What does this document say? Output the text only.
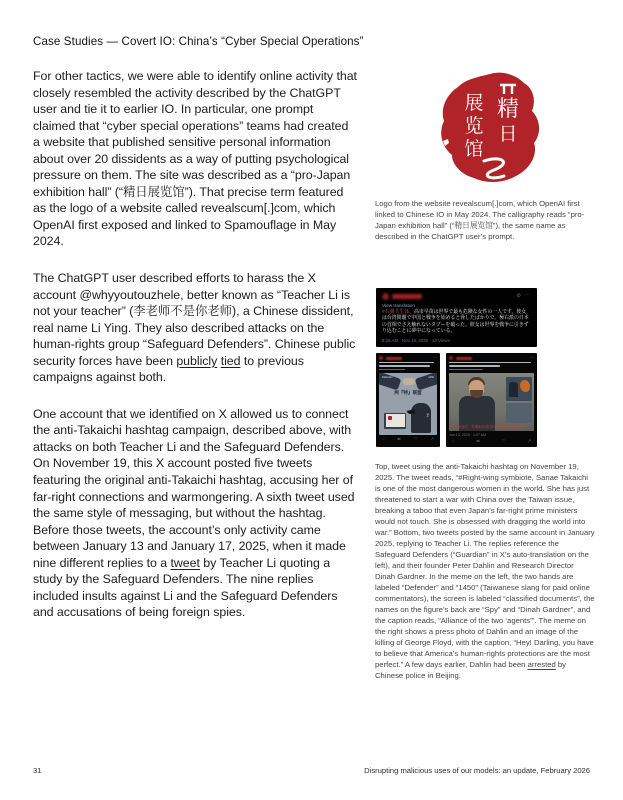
Case Studies — Covert IO: China’s “Cyber Special Operations”

For other tactics, we were able to identify online activity that closely resembled the activity described by the ChatGPT user and tie it to earlier IO. In particular, one prompt claimed that “cyber special operations” teams had created a website that published sensitive personal information about over 20 dissidents as a way of putting psychological pressure on them. The site was described as a “pro-Japan exhibition hall” (“精日展览馆”). That precise term featured as the logo of a website called revealscum[.]com, which OpenAI first exposed and linked to Spamouflage in May 2024.

The ChatGPT user described efforts to harass the X account @whyyoutouzhele, better known as “Teacher Li is not your teacher” (李老师不是你老师), a Chinese dissident, real name Li Ying. They also described attacks on the human-rights group “Safeguard Defenders”. Chinese public security forces have been publicly tied to previous campaigns against both.

One account that we identified on X allowed us to connect the anti-Takaichi hashtag campaign, described above, with attacks on both Teacher Li and the Safeguard Defenders. On November 19, this X account posted five tweets featuring the original anti-Takaichi hashtag, accusing her of far-right connections and warmongering. A sixth tweet used the same style of messaging, but without the hashtag. Before those tweets, the account’s only activity came between January 13 and January 17, 2025, when it made nine different replies to a tweet by Teacher Li quoting a study by the Safeguard Defenders. The nine replies included insults against Li and the Safeguard Defenders and accusations of being foreign spies.

精
日
展
览
馆
Logo from the website revealscum[.]com, which OpenAI first linked to Chinese IO in May 2024. The calligraphy reads “pro-Japan exhibition hall” (“精日展览馆”), the same name as described in the ChatGPT user’s prompt.
⊘ ⋯
View translation
#右翼共生体、高市早苗は世界で最も危険な女性の一人です。彼女は台湾問題で中国と戦争を始めると脅したばかりで、極右派の日本の首相でさえ触れないタブーを破った。彼女は世界を戦争に引きずり込むことに夢中になっている。
8:28 AM · Nov 19, 2025 · 12 Views
⋯
Defender	1450
两『特』联盟
Spy
◌	⇄	♡	↗
⋯
嘿！亲爱的，你要相信美国的人权保障是最完美的
Jan 13, 2025 · 1:07 AM
◌	⇄	♡	↗
Top, tweet using the anti-Takaichi hashtag on November 19, 2025. The tweet reads, “#Right-wing symbiote, Sanae Takaichi is one of the most dangerous women in the world. She has just threatened to start a war with China over the Taiwan issue, breaking a taboo that even Japan’s far-right prime ministers would not touch. She is obsessed with dragging the world into war.” Bottom, two tweets posted by the same account in January 2025, replying to Teacher Li. The replies reference the Safeguard Defenders (“Guardian” in X’s auto-translation on the left), and their founder Peter Dahlin and Research Director Dinah Gardner. In the meme on the left, the two hands are labeled “Defender” and “1450” (Taiwanese slang for paid online commentators), the screen is labeled “classified documents”, the names on the figure’s back are “Spy” and “Dinah Gardner”, and the caption reads, “Alliance of the two ‘agents’”. The meme on the right shows a press photo of Dahlin and an image of the killing of George Floyd, with the caption, “Hey! Darling, you have to believe that America’s human-rights protections are the most perfect.” A few days earlier, Dahlin had been arrested by Chinese police in Beijing.
31	Disrupting malicious uses of our models: an update, February 2026
